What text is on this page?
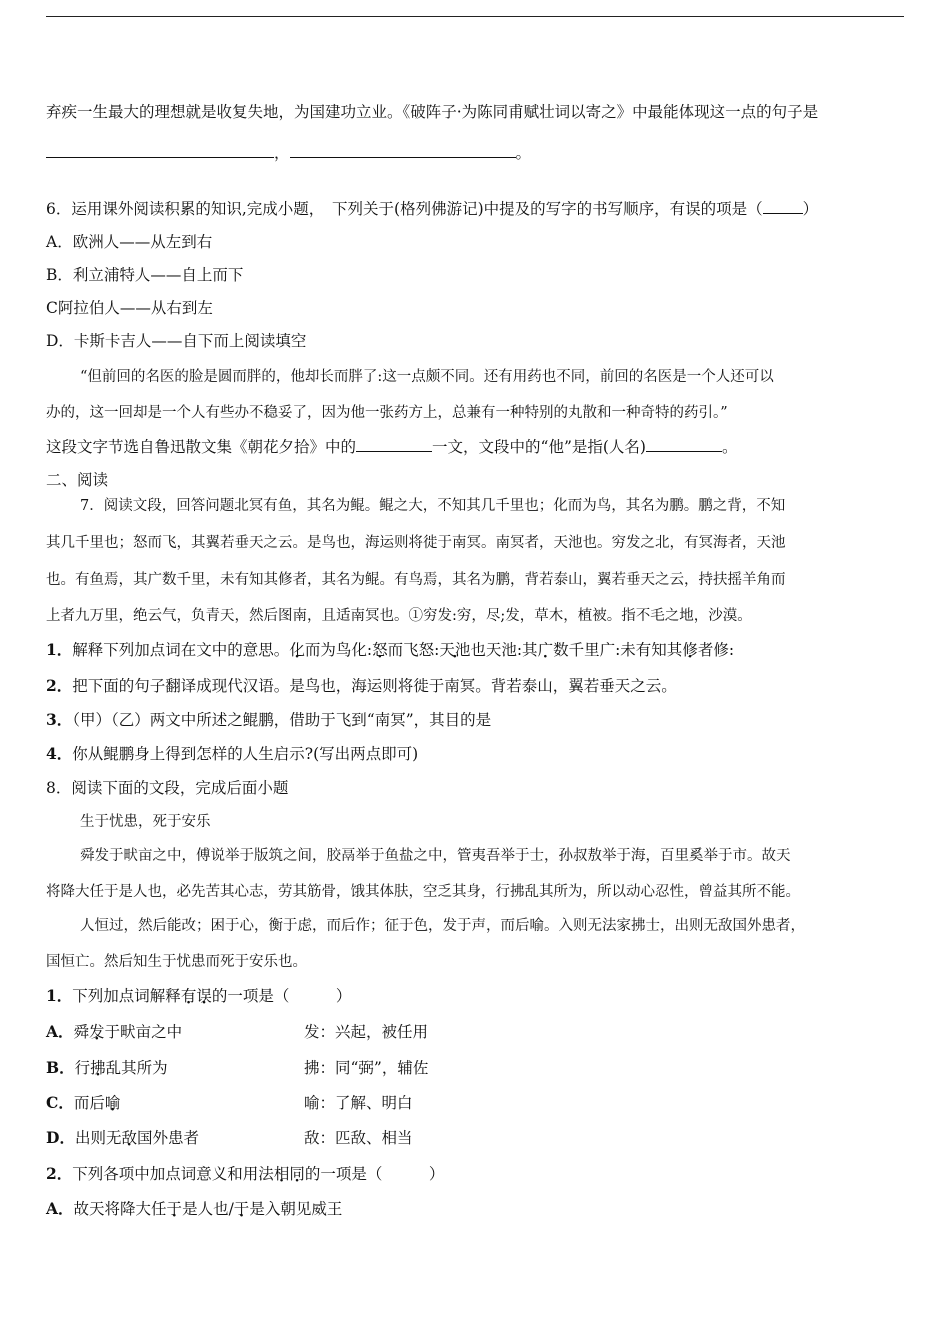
弃疾一生最大的理想就是收复失地，为国建功立业。《破阵子·为陈同甫赋壮词以寄之》中最能体现这一点的句子是
，	。
6．运用课外阅读积累的知识,完成小题，　下列关于(格列佛游记)中提及的写字的书写顺序，有误的项是（	）
A．欧洲人——从左到右
B．利立浦特人——自上而下
C阿拉伯人——从右到左
D．卡斯卡吉人——自下而上阅读填空
“但前回的名医的脸是圆而胖的，他却长而胖了:这一点颇不同。还有用药也不同，前回的名医是一个人还可以
办的，这一回却是一个人有些办不稳妥了，因为他一张药方上，总兼有一种特别的丸散和一种奇特的药引。”
这段文字节选自鲁迅散文集《朝花夕拾》中的	一文，文段中的“他”是指(人名)	。
二、阅读
7．阅读文段，回答问题北冥有鱼，其名为鲲。鲲之大，不知其几千里也；化而为鸟，其名为鹏。鹏之背，不知
其几千里也；怒而飞，其翼若垂天之云。是鸟也，海运则将徙于南冥。南冥者，天池也。穷发之北，有冥海者，天池
也。有鱼焉，其广数千里，未有知其修者，其名为鲲。有鸟焉，其名为鹏，背若泰山，翼若垂天之云，持扶摇羊角而
上者九万里，绝云气，负青天，然后图南，且适南冥也。①穷发:穷，尽;发，草木，植被。指不毛之地，沙漠。
1．解释下列加点词在文中的意思。化而为鸟化:怒而飞怒:天池也天池:其广数千里广:未有知其修者修:
2．把下面的句子翻译成现代汉语。是鸟也，海运则将徙于南冥。背若泰山，翼若垂天之云。
3．（甲）（乙）两文中所述之鲲鹏，借助于飞到“南冥”，其目的是
4．你从鲲鹏身上得到怎样的人生启示?(写出两点即可)
8．阅读下面的文段，完成后面小题
生于忧患，死于安乐
舜发于畎亩之中，傅说举于版筑之间，胶鬲举于鱼盐之中，管夷吾举于士，孙叔敖举于海，百里奚举于市。故天
将降大任于是人也，必先苦其心志，劳其筋骨，饿其体肤，空乏其身，行拂乱其所为，所以动心忍性，曾益其所不能。
人恒过，然后能改；困于心，衡于虑，而后作；征于色，发于声，而后喻。入则无法家拂士，出则无敌国外患者，
国恒亡。然后知生于忧患而死于安乐也。
1．下列加点词解释有误的一项是（　　　）
A．舜发于畎亩之中	发：兴起，被任用
B．行拂乱其所为	拂：同“弼”，辅佐
C．而后喻	喻：了解、明白
D．出则无敌国外患者	敌：匹敌、相当
2．下列各项中加点词意义和用法相同的一项是（　　　）
A．故天将降大任于是人也/于是入朝见威王
